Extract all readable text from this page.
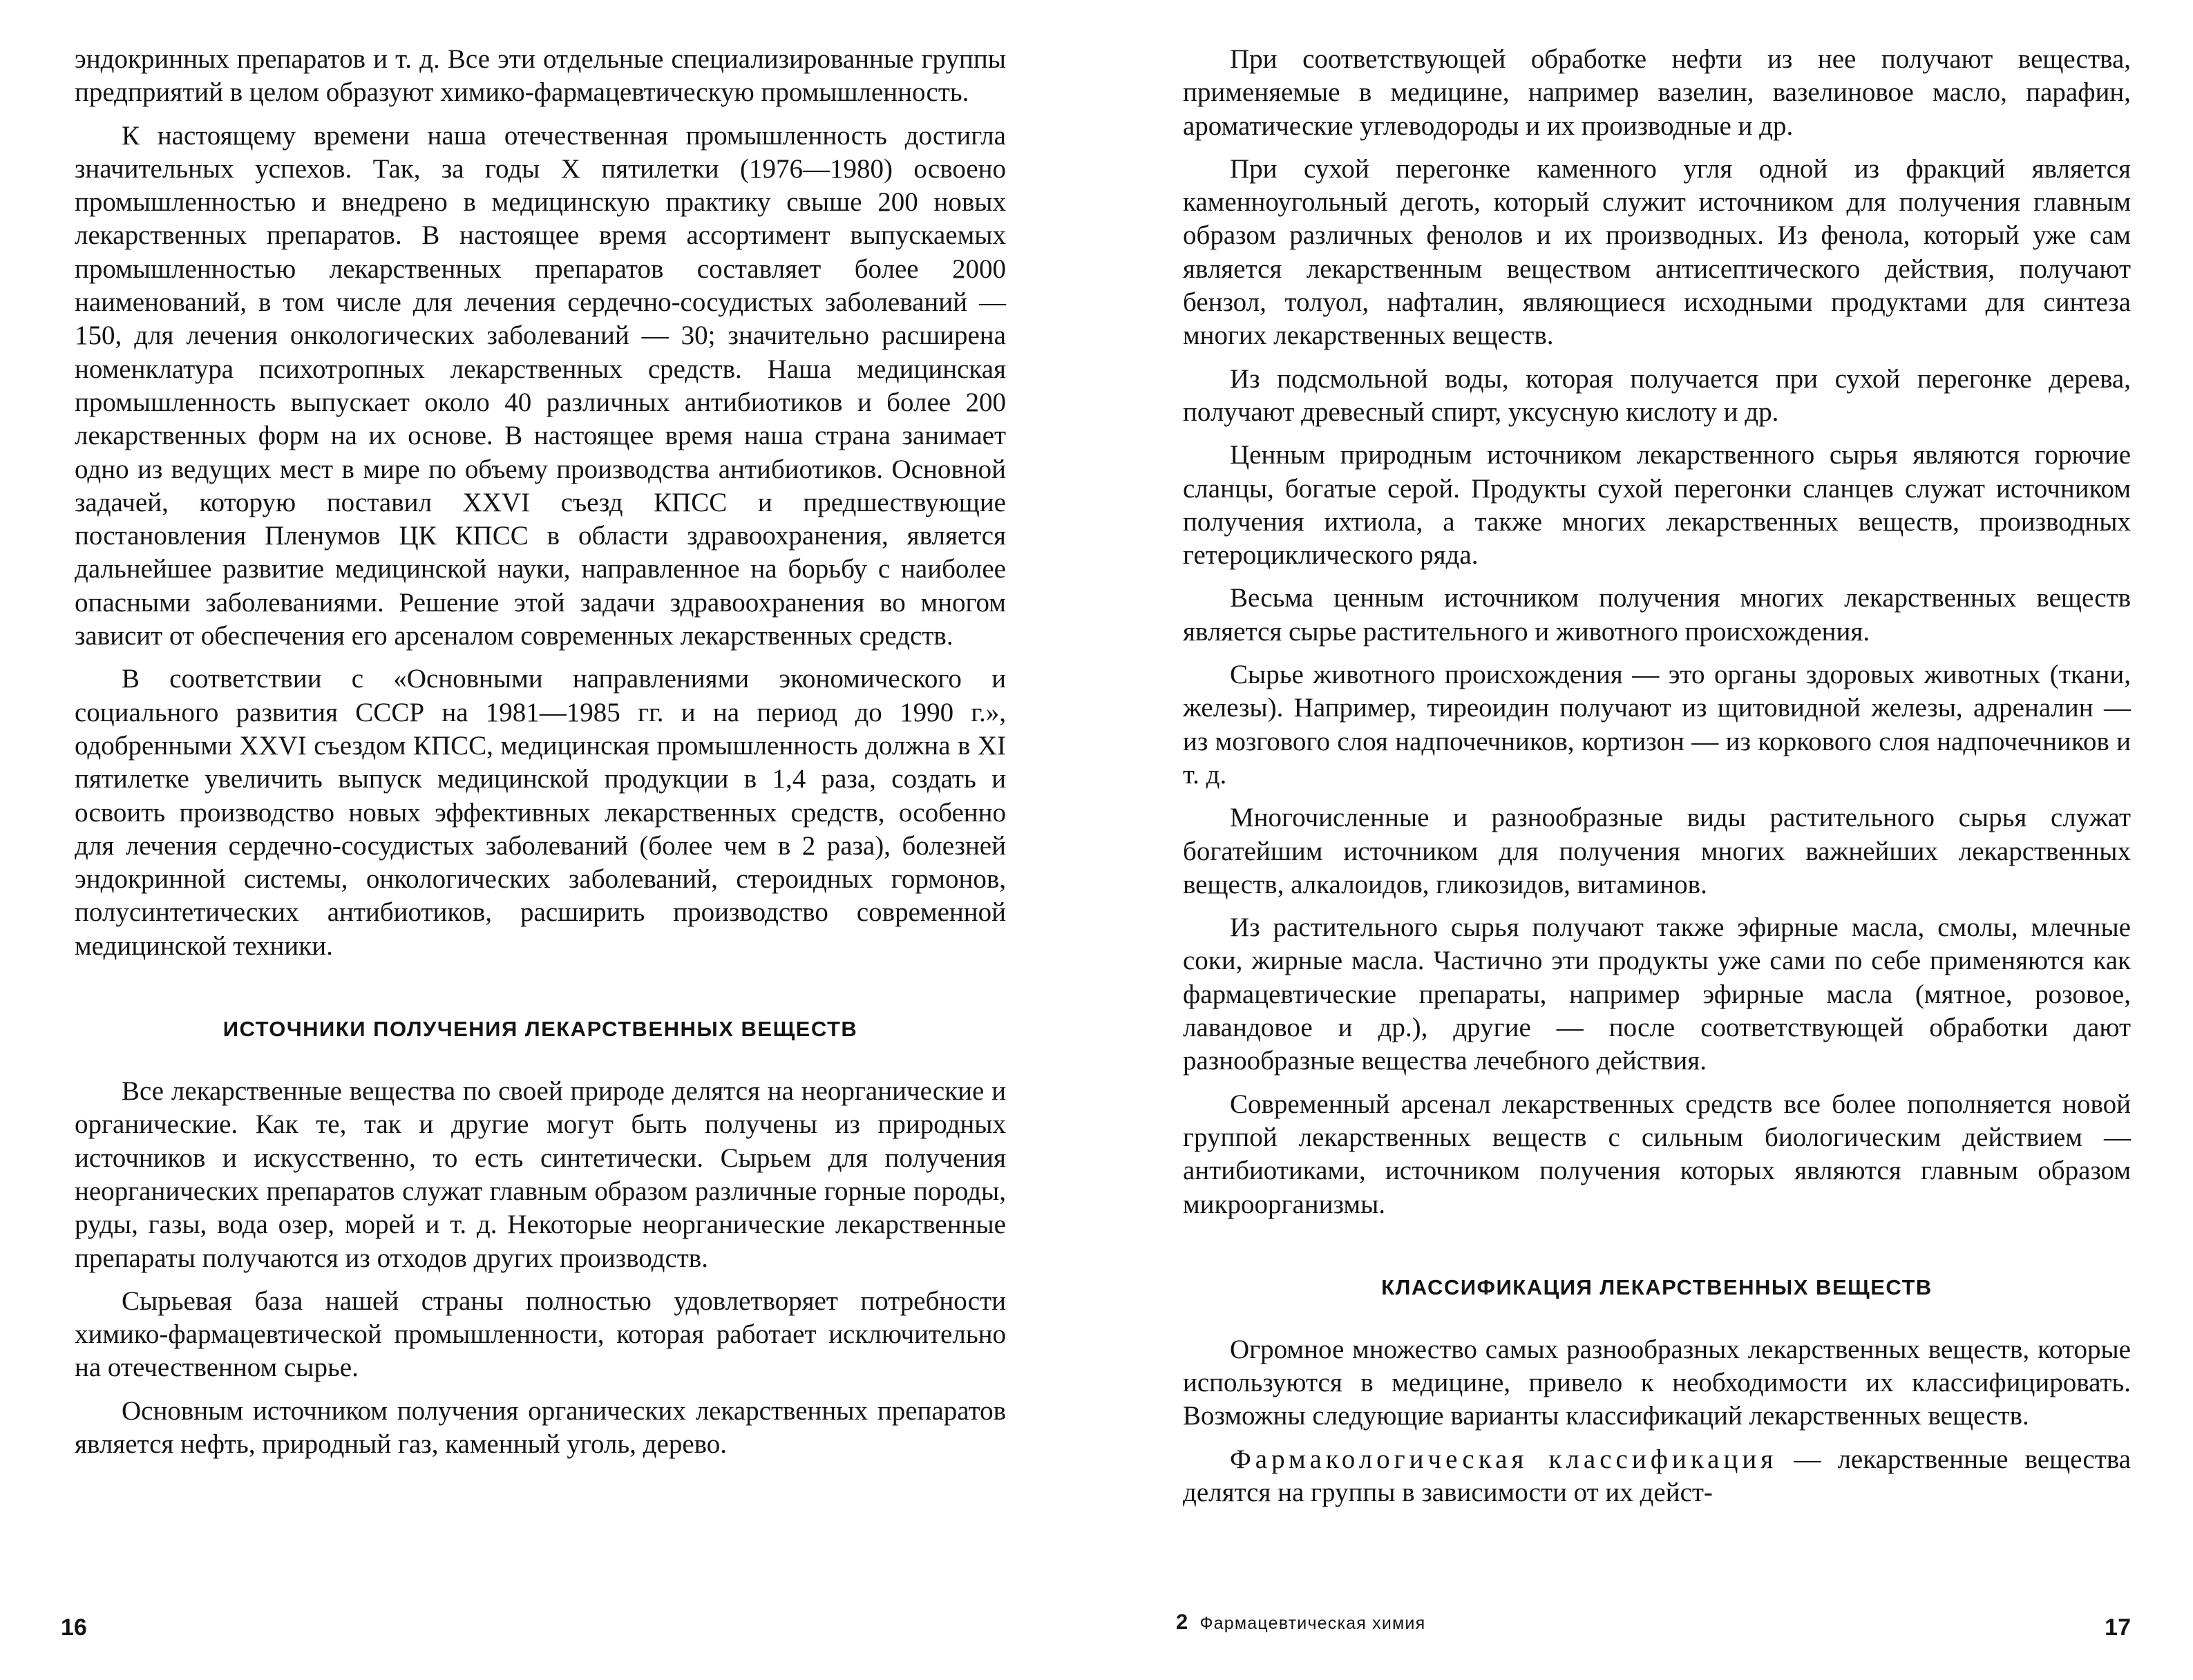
эндокринных препаратов и т. д. Все эти отдельные специализированные группы предприятий в целом образуют химико-фармацевтическую промышленность.

К настоящему времени наша отечественная промышленность достигла значительных успехов. Так, за годы X пятилетки (1976—1980) освоено промышленностью и внедрено в медицинскую практику свыше 200 новых лекарственных препаратов. В настоящее время ассортимент выпускаемых промышленностью лекарственных препаратов составляет более 2000 наименований, в том числе для лечения сердечно-сосудистых заболеваний — 150, для лечения онкологических заболеваний — 30; значительно расширена номенклатура психотропных лекарственных средств. Наша медицинская промышленность выпускает около 40 различных антибиотиков и более 200 лекарственных форм на их основе. В настоящее время наша страна занимает одно из ведущих мест в мире по объему производства антибиотиков. Основной задачей, которую поставил XXVI съезд КПСС и предшествующие постановления Пленумов ЦК КПСС в области здравоохранения, является дальнейшее развитие медицинской науки, направленное на борьбу с наиболее опасными заболеваниями. Решение этой задачи здравоохранения во многом зависит от обеспечения его арсеналом современных лекарственных средств.

В соответствии с «Основными направлениями экономического и социального развития СССР на 1981—1985 гг. и на период до 1990 г.», одобренными XXVI съездом КПСС, медицинская промышленность должна в XI пятилетке увеличить выпуск медицинской продукции в 1,4 раза, создать и освоить производство новых эффективных лекарственных средств, особенно для лечения сердечно-сосудистых заболеваний (более чем в 2 раза), болезней эндокринной системы, онкологических заболеваний, стероидных гормонов, полусинтетических антибиотиков, расширить производство современной медицинской техники.

ИСТОЧНИКИ ПОЛУЧЕНИЯ ЛЕКАРСТВЕННЫХ ВЕЩЕСТВ

Все лекарственные вещества по своей природе делятся на неорганические и органические. Как те, так и другие могут быть получены из природных источников и искусственно, то есть синтетически. Сырьем для получения неорганических препаратов служат главным образом различные горные породы, руды, газы, вода озер, морей и т. д. Некоторые неорганические лекарственные препараты получаются из отходов других производств.

Сырьевая база нашей страны полностью удовлетворяет потребности химико-фармацевтической промышленности, которая работает исключительно на отечественном сырье.

Основным источником получения органических лекарственных препаратов является нефть, природный газ, каменный уголь, дерево.

При соответствующей обработке нефти из нее получают вещества, применяемые в медицине, например вазелин, вазелиновое масло, парафин, ароматические углеводороды и их производные и др.

При сухой перегонке каменного угля одной из фракций является каменноугольный деготь, который служит источником для получения главным образом различных фенолов и их производных. Из фенола, который уже сам является лекарственным веществом антисептического действия, получают бензол, толуол, нафталин, являющиеся исходными продуктами для синтеза многих лекарственных веществ.

Из подсмольной воды, которая получается при сухой перегонке дерева, получают древесный спирт, уксусную кислоту и др.

Ценным природным источником лекарственного сырья являются горючие сланцы, богатые серой. Продукты сухой перегонки сланцев служат источником получения ихтиола, а также многих лекарственных веществ, производных гетероциклического ряда.

Весьма ценным источником получения многих лекарственных веществ является сырье растительного и животного происхождения.

Сырье животного происхождения — это органы здоровых животных (ткани, железы). Например, тиреоидин получают из щитовидной железы, адреналин — из мозгового слоя надпочечников, кортизон — из коркового слоя надпочечников и т. д.

Многочисленные и разнообразные виды растительного сырья служат богатейшим источником для получения многих важнейших лекарственных веществ, алкалоидов, гликозидов, витаминов.

Из растительного сырья получают также эфирные масла, смолы, млечные соки, жирные масла. Частично эти продукты уже сами по себе применяются как фармацевтические препараты, например эфирные масла (мятное, розовое, лавандовое и др.), другие — после соответствующей обработки дают разнообразные вещества лечебного действия.

Современный арсенал лекарственных средств все более пополняется новой группой лекарственных веществ с сильным биологическим действием — антибиотиками, источником получения которых являются главным образом микроорганизмы.

КЛАССИФИКАЦИЯ ЛЕКАРСТВЕННЫХ ВЕЩЕСТВ

Огромное множество самых разнообразных лекарственных веществ, которые используются в медицине, привело к необходимости их классифицировать. Возможны следующие варианты классификаций лекарственных веществ.

Фармакологическая классификация — лекарственные вещества делятся на группы в зависимости от их дейст-

16	2 Фармацевтическая химия	17
